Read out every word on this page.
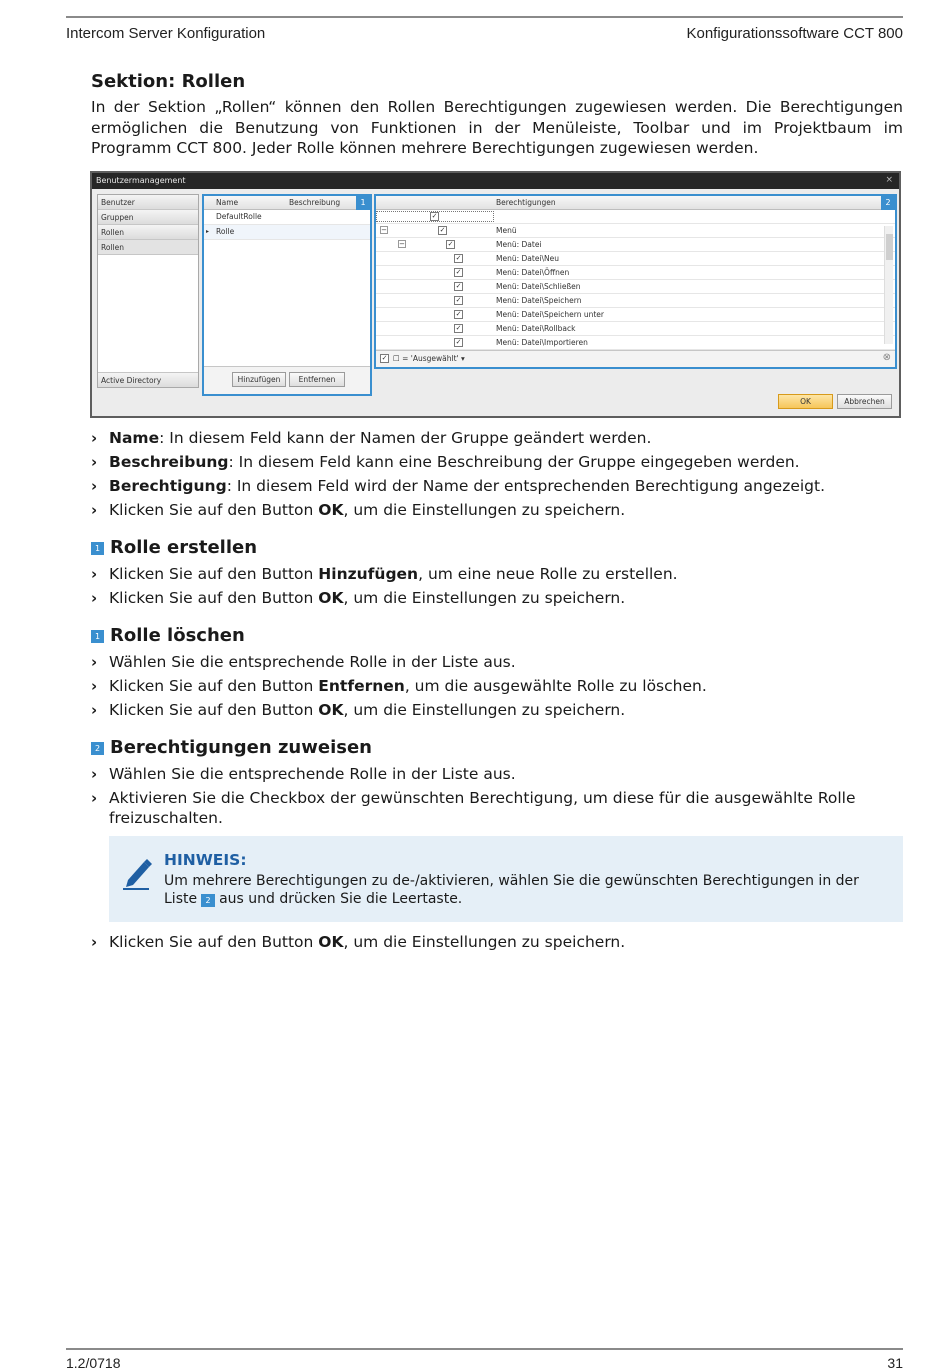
Intercom Server Konfiguration	Konfigurationssoftware CCT 800
Sektion: Rollen
In der Sektion „Rollen“ können den Rollen Berechtigungen zugewiesen werden. Die Berechtigungen ermöglichen die Benutzung von Funktionen in der Menüleiste, Toolbar und im Projektbaum im Programm CCT 800. Jeder Rolle können mehrere Berechtigungen zugewiesen werden.
Benutzermanagement	×
Benutzer
Gruppen
Rollen
Rollen
Active Directory
Name	Beschreibung	1
DefaultRolle
▸ Rolle
Hinzufügen	Entfernen
Berechtigungen	2
✓
−	✓	Menü
−	✓	Menü: Datei
✓	Menü: Datei\Neu
✓	Menü: Datei\Öffnen
✓	Menü: Datei\Schließen
✓	Menü: Datei\Speichern
✓	Menü: Datei\Speichern unter
✓	Menü: Datei\Rollback
✓	Menü: Datei\Importieren
✓ ☐ = 'Ausgewählt' ▾	⊗
OK	Abbrechen
› Name: In diesem Feld kann der Namen der Gruppe geändert werden.
› Beschreibung: In diesem Feld kann eine Beschreibung der Gruppe eingegeben werden.
› Berechtigung: In diesem Feld wird der Name der entsprechenden Berechtigung angezeigt.
› Klicken Sie auf den Button OK, um die Einstellungen zu speichern.
1 Rolle erstellen
› Klicken Sie auf den Button Hinzufügen, um eine neue Rolle zu erstellen.
› Klicken Sie auf den Button OK, um die Einstellungen zu speichern.
1 Rolle löschen
› Wählen Sie die entsprechende Rolle in der Liste aus.
› Klicken Sie auf den Button Entfernen, um die ausgewählte Rolle zu löschen.
› Klicken Sie auf den Button OK, um die Einstellungen zu speichern.
2 Berechtigungen zuweisen
› Wählen Sie die entsprechende Rolle in der Liste aus.
› Aktivieren Sie die Checkbox der gewünschten Berechtigung, um diese für die ausgewählte Rolle freizuschalten.
HINWEIS:
Um mehrere Berechtigungen zu de-/aktivieren, wählen Sie die gewünschten Berechtigungen in der Liste 2 aus und drücken Sie die Leertaste.
› Klicken Sie auf den Button OK, um die Einstellungen zu speichern.
1.2/0718	31
